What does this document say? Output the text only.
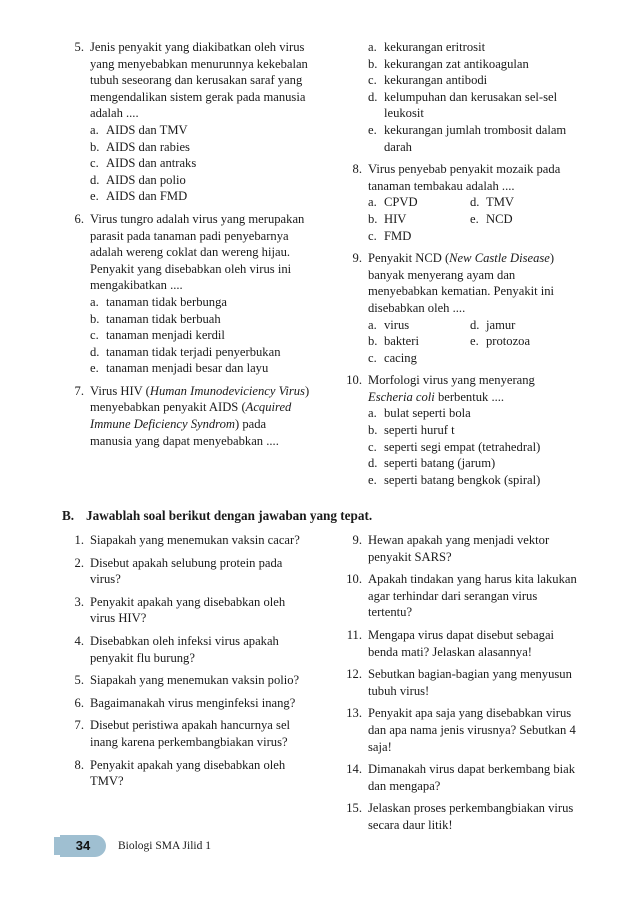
5. Jenis penyakit yang diakibatkan oleh virus yang menyebabkan menurunnya kekebalan tubuh seseorang dan kerusakan saraf yang mengendalikan sistem gerak pada manusia adalah ....
a. AIDS dan TMV
b. AIDS dan rabies
c. AIDS dan antraks
d. AIDS dan polio
e. AIDS dan FMD
6. Virus tungro adalah virus yang merupakan parasit pada tanaman padi penyebarnya adalah wereng coklat dan wereng hijau. Penyakit yang disebabkan oleh virus ini mengakibatkan ....
a. tanaman tidak berbunga
b. tanaman tidak berbuah
c. tanaman menjadi kerdil
d. tanaman tidak terjadi penyerbukan
e. tanaman menjadi besar dan layu
7. Virus HIV (Human Imunodeviciency Virus) menyebabkan penyakit AIDS (Acquired Immune Deficiency Syndrom) pada manusia yang dapat menyebabkan ....
a. kekurangan eritrosit
b. kekurangan zat antikoagulan
c. kekurangan antibodi
d. kelumpuhan dan kerusakan sel-sel leukosit
e. kekurangan jumlah trombosit dalam darah
8. Virus penyebab penyakit mozaik pada tanaman tembakau adalah ....
a. CPVD	d. TMV
b. HIV	e. NCD
c. FMD
9. Penyakit NCD (New Castle Disease) banyak menyerang ayam dan menyebabkan kematian. Penyakit ini disebabkan oleh ....
a. virus	d. jamur
b. bakteri	e. protozoa
c. cacing
10. Morfologi virus yang menyerang Escheria coli berbentuk ....
a. bulat seperti bola
b. seperti huruf t
c. seperti segi empat (tetrahedral)
d. seperti batang (jarum)
e. seperti batang bengkok (spiral)
B. Jawablah soal berikut dengan jawaban yang tepat.
1. Siapakah yang menemukan vaksin cacar?
2. Disebut apakah selubung protein pada virus?
3. Penyakit apakah yang disebabkan oleh virus HIV?
4. Disebabkan oleh infeksi virus apakah penyakit flu burung?
5. Siapakah yang menemukan vaksin polio?
6. Bagaimanakah virus menginfeksi inang?
7. Disebut peristiwa apakah hancurnya sel inang karena perkembangbiakan virus?
8. Penyakit apakah yang disebabkan oleh TMV?
9. Hewan apakah yang menjadi vektor penyakit SARS?
10. Apakah tindakan yang harus kita lakukan agar terhindar dari serangan virus tertentu?
11. Mengapa virus dapat disebut sebagai benda mati? Jelaskan alasannya!
12. Sebutkan bagian-bagian yang menyusun tubuh virus!
13. Penyakit apa saja yang disebabkan virus dan apa nama jenis virusnya? Sebutkan 4 saja!
14. Dimanakah virus dapat berkembang biak dan mengapa?
15. Jelaskan proses perkembangbiakan virus secara daur litik!
34 Biologi SMA Jilid 1
